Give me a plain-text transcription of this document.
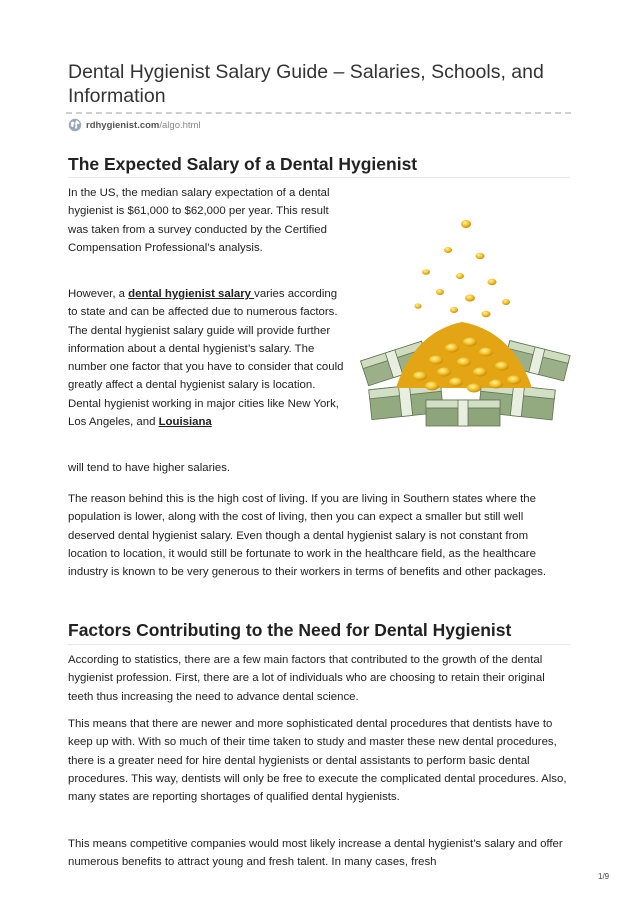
Dental Hygienist Salary Guide – Salaries, Schools, and Information
rdhygienist.com/algo.html
The Expected Salary of a Dental Hygienist

In the US, the median salary expectation of a dental hygienist is $61,000 to $62,000 per year. This result was taken from a survey conducted by the Certified Compensation Professional’s analysis.

However, a dental hygienist salary varies according to state and can be affected due to numerous factors. The dental hygienist salary guide will provide further information about a dental hygienist’s salary. The number one factor that you have to consider that could greatly affect a dental hygienist salary is location. Dental hygienist working in major cities like New York, Los Angeles, and Louisiana

will tend to have higher salaries.

The reason behind this is the high cost of living. If you are living in Southern states where the population is lower, along with the cost of living, then you can expect a smaller but still well deserved dental hygienist salary. Even though a dental hygienist salary is not constant from location to location, it would still be fortunate to work in the healthcare field, as the healthcare industry is known to be very generous to their workers in terms of benefits and other packages.

Factors Contributing to the Need for Dental Hygienist

According to statistics, there are a few main factors that contributed to the growth of the dental hygienist profession. First, there are a lot of individuals who are choosing to retain their original teeth thus increasing the need to advance dental science.

This means that there are newer and more sophisticated dental procedures that dentists have to keep up with. With so much of their time taken to study and master these new dental procedures, there is a greater need for hire dental hygienists or dental assistants to perform basic dental procedures. This way, dentists will only be free to execute the complicated dental procedures. Also, many states are reporting shortages of qualified dental hygienists.

This means competitive companies would most likely increase a dental hygienist’s salary and offer numerous benefits to attract young and fresh talent. In many cases, fresh

1/9
